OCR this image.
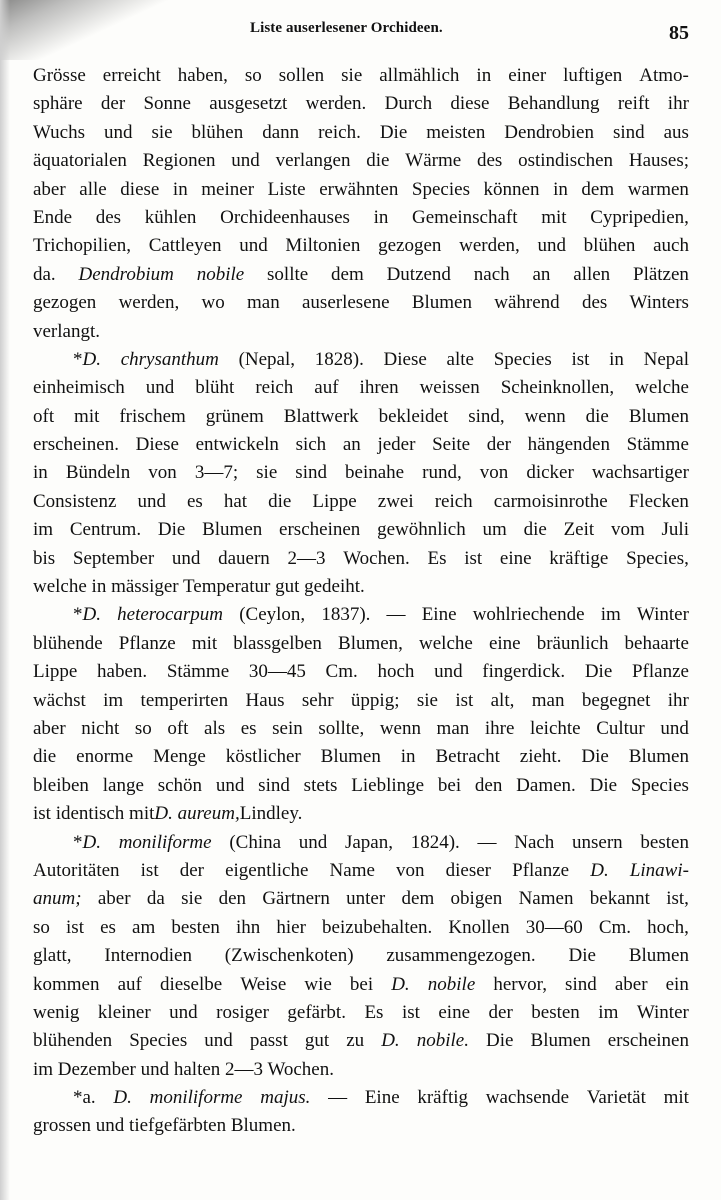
Liste auserlesener Orchideen.	85
Grösse erreicht haben, so sollen sie allmählich in einer luftigen Atmo-
sphäre der Sonne ausgesetzt werden. Durch diese Behandlung reift ihr
Wuchs und sie blühen dann reich. Die meisten Dendrobien sind aus
äquatorialen Regionen und verlangen die Wärme des ostindischen Hauses;
aber alle diese in meiner Liste erwähnten Species können in dem warmen
Ende des kühlen Orchideenhauses in Gemeinschaft mit Cypripedien,
Trichopilien, Cattleyen und Miltonien gezogen werden, und blühen auch
da. Dendrobium nobile sollte dem Dutzend nach an allen Plätzen
gezogen werden, wo man auserlesene Blumen während des Winters
verlangt.
*D. chrysanthum (Nepal, 1828). Diese alte Species ist in Nepal
einheimisch und blüht reich auf ihren weissen Scheinknollen, welche
oft mit frischem grünem Blattwerk bekleidet sind, wenn die Blumen
erscheinen. Diese entwickeln sich an jeder Seite der hängenden Stämme
in Bündeln von 3—7; sie sind beinahe rund, von dicker wachsartiger
Consistenz und es hat die Lippe zwei reich carmoisinrothe Flecken
im Centrum. Die Blumen erscheinen gewöhnlich um die Zeit vom Juli
bis September und dauern 2—3 Wochen. Es ist eine kräftige Species,
welche in mässiger Temperatur gut gedeiht.
*D. heterocarpum (Ceylon, 1837). — Eine wohlriechende im Winter
blühende Pflanze mit blassgelben Blumen, welche eine bräunlich behaarte
Lippe haben. Stämme 30—45 Cm. hoch und fingerdick. Die Pflanze
wächst im temperirten Haus sehr üppig; sie ist alt, man begegnet ihr
aber nicht so oft als es sein sollte, wenn man ihre leichte Cultur und
die enorme Menge köstlicher Blumen in Betracht zieht. Die Blumen
bleiben lange schön und sind stets Lieblinge bei den Damen. Die Species
ist identisch mit D. aureum, Lindley.
*D. moniliforme (China und Japan, 1824). — Nach unsern besten
Autoritäten ist der eigentliche Name von dieser Pflanze D. Linawi-
anum; aber da sie den Gärtnern unter dem obigen Namen bekannt ist,
so ist es am besten ihn hier beizubehalten. Knollen 30—60 Cm. hoch,
glatt, Internodien (Zwischenkoten) zusammengezogen. Die Blumen
kommen auf dieselbe Weise wie bei D. nobile hervor, sind aber ein
wenig kleiner und rosiger gefärbt. Es ist eine der besten im Winter
blühenden Species und passt gut zu D. nobile. Die Blumen erscheinen
im Dezember und halten 2—3 Wochen.
*a. D. moniliforme majus. — Eine kräftig wachsende Varietät mit
grossen und tiefgefärbten Blumen.
